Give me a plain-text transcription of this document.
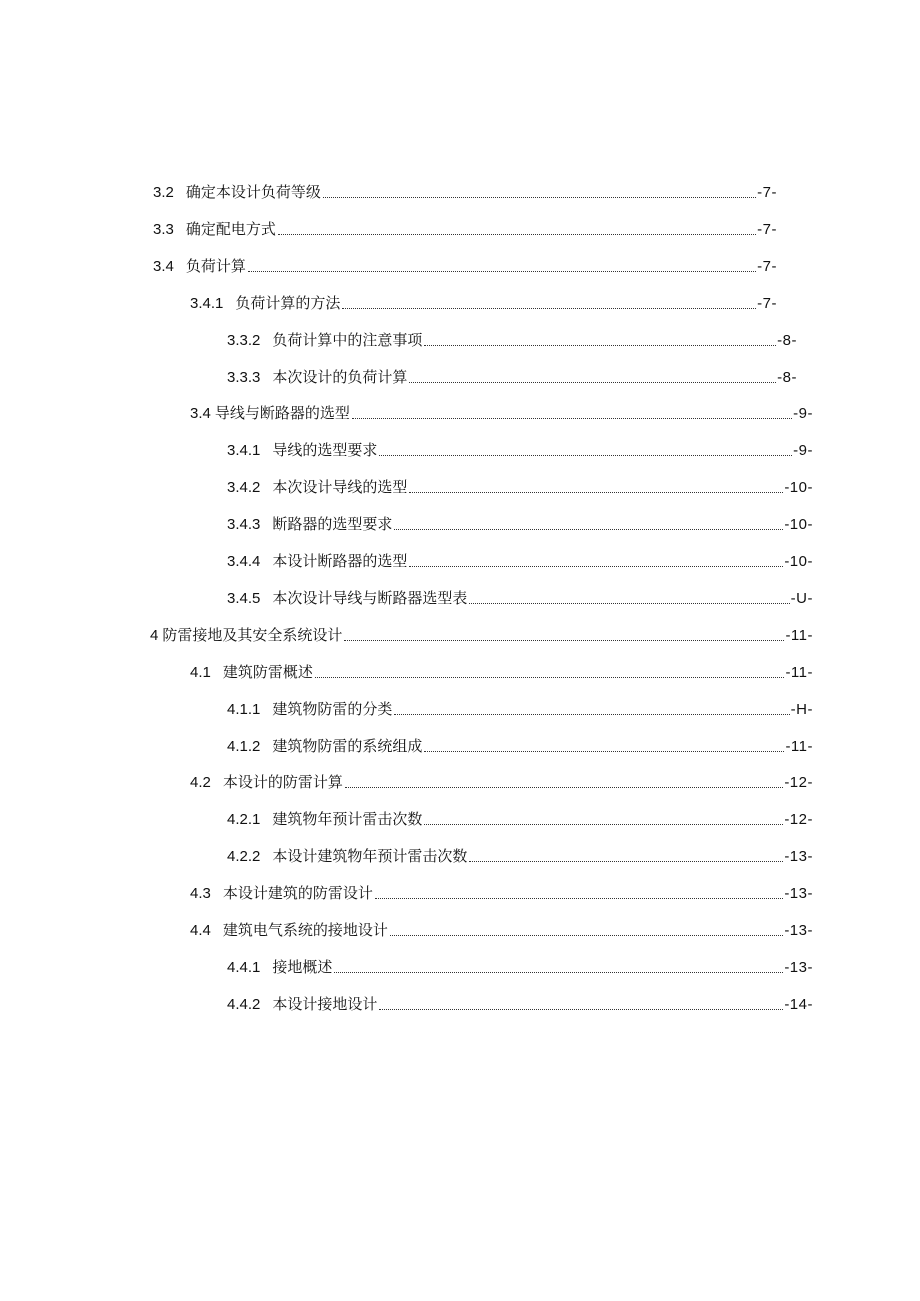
3.2 确定本设计负荷等级	-7-
3.3 确定配电方式	-7-
3.4 负荷计算	-7-
3.4.1 负荷计算的方法	-7-
3.3.2 负荷计算中的注意事项	-8-
3.3.3 本次设计的负荷计算	-8-
3.4 导线与断路器的选型	-9-
3.4.1 导线的选型要求	-9-
3.4.2 本次设计导线的选型	-10-
3.4.3 断路器的选型要求	-10-
3.4.4 本设计断路器的选型	-10-
3.4.5 本次设计导线与断路器选型表	-U-
4 防雷接地及其安全系统设计	-11-
4.1 建筑防雷概述	-11-
4.1.1 建筑物防雷的分类	-H-
4.1.2 建筑物防雷的系统组成	-11-
4.2 本设计的防雷计算	-12-
4.2.1 建筑物年预计雷击次数	-12-
4.2.2 本设计建筑物年预计雷击次数	-13-
4.3 本设计建筑的防雷设计	-13-
4.4 建筑电气系统的接地设计	-13-
4.4.1 接地概述	-13-
4.4.2 本设计接地设计	-14-
